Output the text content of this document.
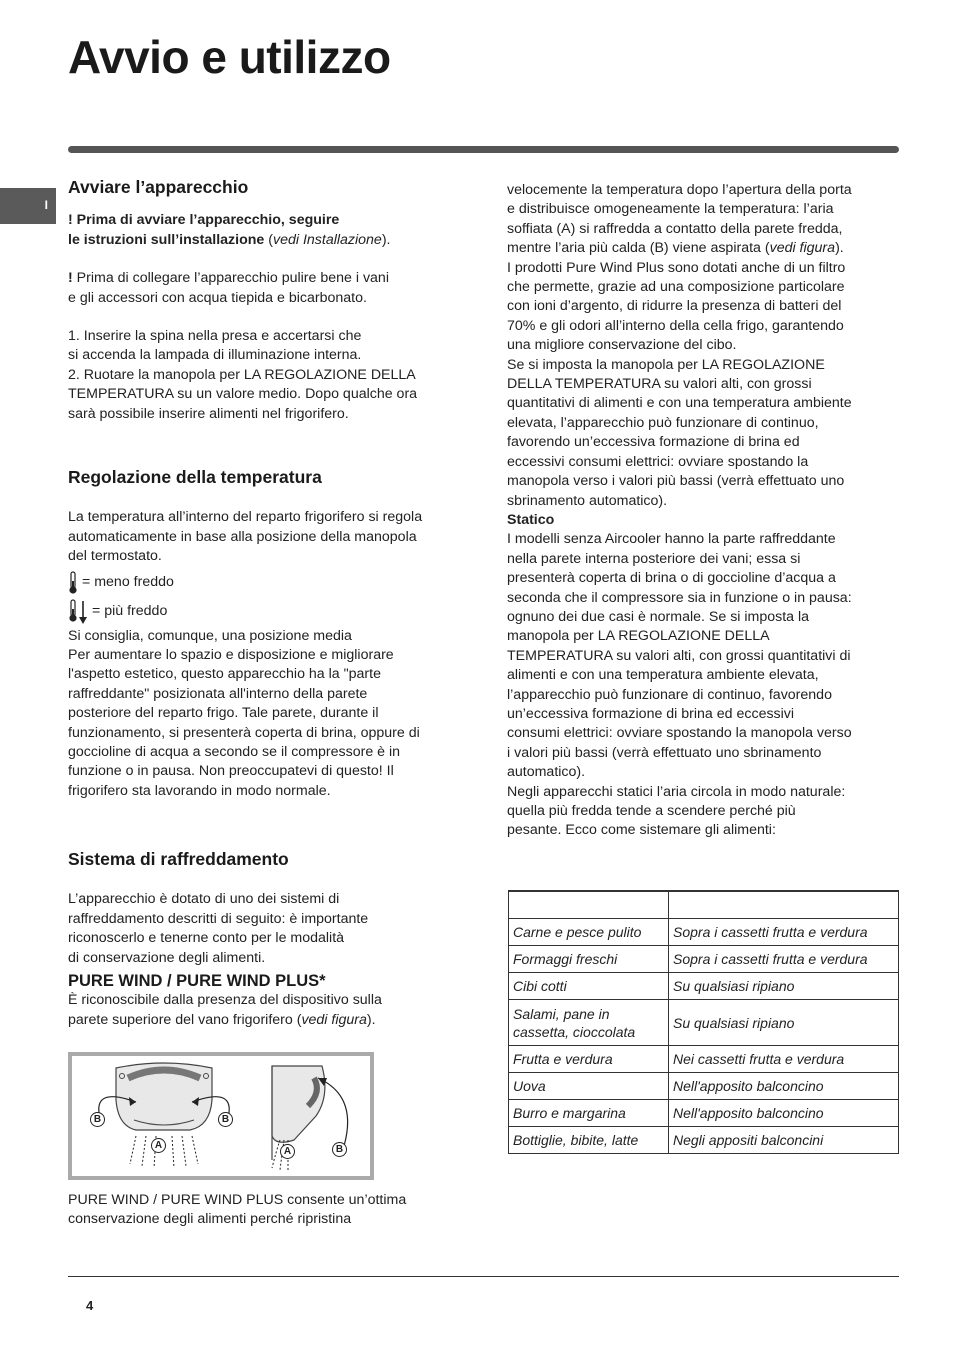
Avvio e utilizzo
I
Avviare l’apparecchio

! Prima di avviare l’apparecchio, seguire
le istruzioni sull’installazione (vedi Installazione).

! Prima di collegare l’apparecchio pulire bene i vani
e gli accessori con acqua tiepida e bicarbonato.

1. Inserire la spina nella presa e accertarsi che
si accenda la lampada di illuminazione interna.
2. Ruotare la manopola per LA REGOLAZIONE DELLA
TEMPERATURA su un valore medio. Dopo qualche ora
sarà possibile inserire alimenti nel frigorifero.

Regolazione della temperatura

La temperatura all’interno del reparto frigorifero si regola
automaticamente in base alla posizione della manopola
del termostato.

= meno freddo
= più freddo

Si consiglia, comunque, una posizione media
Per aumentare lo spazio e disposizione e migliorare
l'aspetto estetico, questo apparecchio ha la "parte
raffreddante" posizionata all'interno della parete
posteriore del reparto frigo. Tale parete, durante il
funzionamento, si presenterà coperta di brina, oppure di
goccioline di acqua a secondo se il compressore è in
funzione o in pausa. Non preoccupatevi di questo! Il
frigorifero sta lavorando in modo normale.

Sistema di raffreddamento

L’apparecchio è dotato di uno dei sistemi di
raffreddamento descritti di seguito: è importante
riconoscerlo e tenerne conto per le modalità
di conservazione degli alimenti.

PURE WIND / PURE WIND PLUS*

È riconoscibile dalla presenza del dispositivo sulla
parete superiore del vano frigorifero (vedi figura).

B	B
A
A	B
PURE WIND / PURE WIND PLUS consente un’ottima
conservazione degli alimenti perché ripristina

velocemente la temperatura dopo l’apertura della porta
e distribuisce omogeneamente la temperatura: l’aria
soffiata (A) si raffredda a contatto della parete fredda,
mentre l’aria più calda (B) viene aspirata (vedi figura).

I prodotti Pure Wind Plus sono dotati anche di un filtro
che permette, grazie ad una composizione particolare
con ioni d’argento, di ridurre la presenza di batteri del
70% e gli odori all’interno della cella frigo, garantendo
una migliore conservazione del cibo.
Se si imposta la manopola per LA REGOLAZIONE
DELLA TEMPERATURA su valori alti, con grossi
quantitativi di alimenti e con una temperatura ambiente
elevata, l’apparecchio può funzionare di continuo,
favorendo un’eccessiva formazione di brina ed
eccessivi consumi elettrici: ovviare spostando la
manopola verso i valori più bassi (verrà effettuato uno
sbrinamento automatico).

Statico

I modelli senza Aircooler hanno la parte raffreddante
nella parete interna posteriore dei vani; essa si
presenterà coperta di brina o di goccioline d’acqua a
seconda che il compressore sia in funzione o in pausa:
ognuno dei due casi è normale. Se si imposta la
manopola per LA REGOLAZIONE DELLA
TEMPERATURA su valori alti, con grossi quantitativi di
alimenti e con una temperatura ambiente elevata,
l’apparecchio può funzionare di continuo, favorendo
un’eccessiva formazione di brina ed eccessivi
consumi elettrici: ovviare spostando la manopola verso
i valori più bassi (verrà effettuato uno sbrinamento
automatico).
Negli apparecchi statici l’aria circola in modo naturale:
quella più fredda tende a scendere perché più
pesante. Ecco come sistemare gli alimenti:

Carne e pesce pulito	Sopra i cassetti frutta e verdura
Formaggi freschi	Sopra i cassetti frutta e verdura
Cibi cotti	Su qualsiasi ripiano
Salami, pane in cassetta, cioccolata	Su qualsiasi ripiano
Frutta e verdura	Nei cassetti frutta e verdura
Uova	Nell'apposito balconcino
Burro e margarina	Nell'apposito balconcino
Bottiglie, bibite, latte	Negli appositi balconcini
4
